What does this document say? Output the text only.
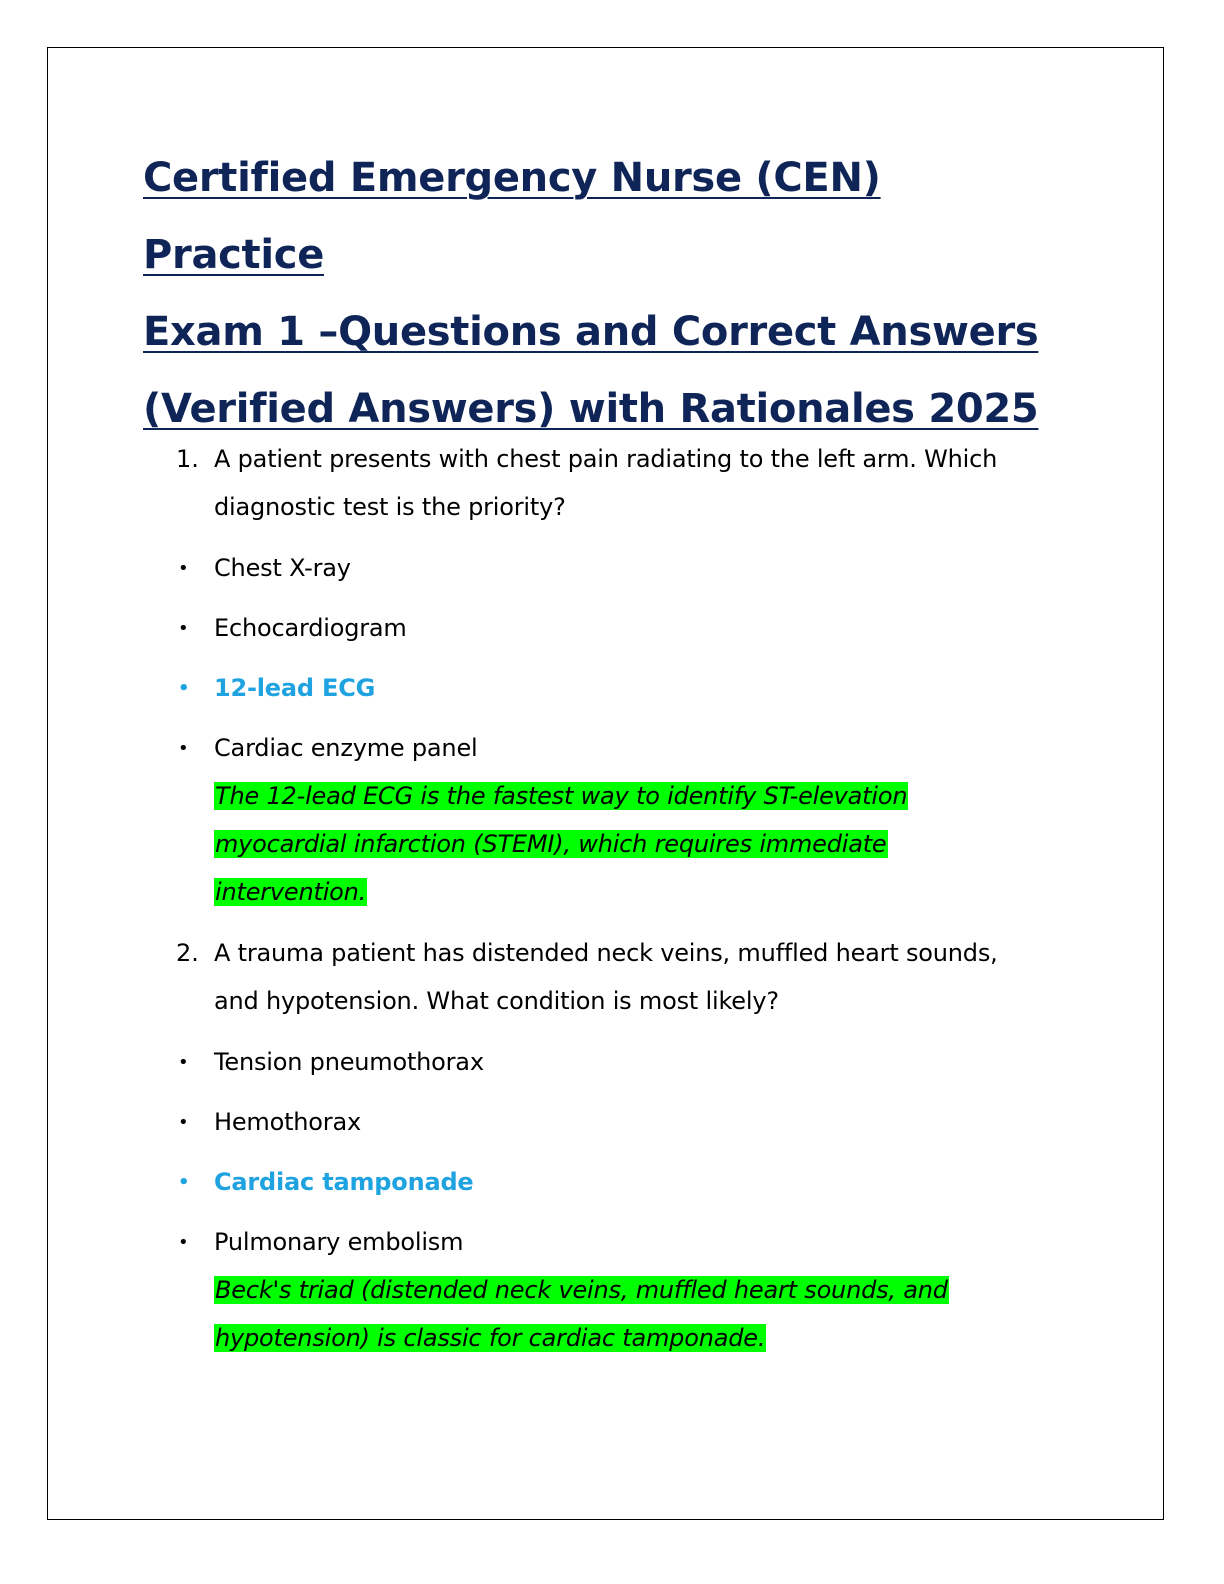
Certified Emergency Nurse (CEN) Practice
Exam 1 –Questions and Correct Answers
(Verified Answers) with Rationales 2025
1. A patient presents with chest pain radiating to the left arm. Which
diagnostic test is the priority?
• Chest X-ray
• Echocardiogram
• 12-lead ECG
• Cardiac enzyme panel
The 12-lead ECG is the fastest way to identify ST-elevation
myocardial infarction (STEMI), which requires immediate
intervention.
2. A trauma patient has distended neck veins, muffled heart sounds,
and hypotension. What condition is most likely?
• Tension pneumothorax
• Hemothorax
• Cardiac tamponade
• Pulmonary embolism
Beck's triad (distended neck veins, muffled heart sounds, and
hypotension) is classic for cardiac tamponade.
